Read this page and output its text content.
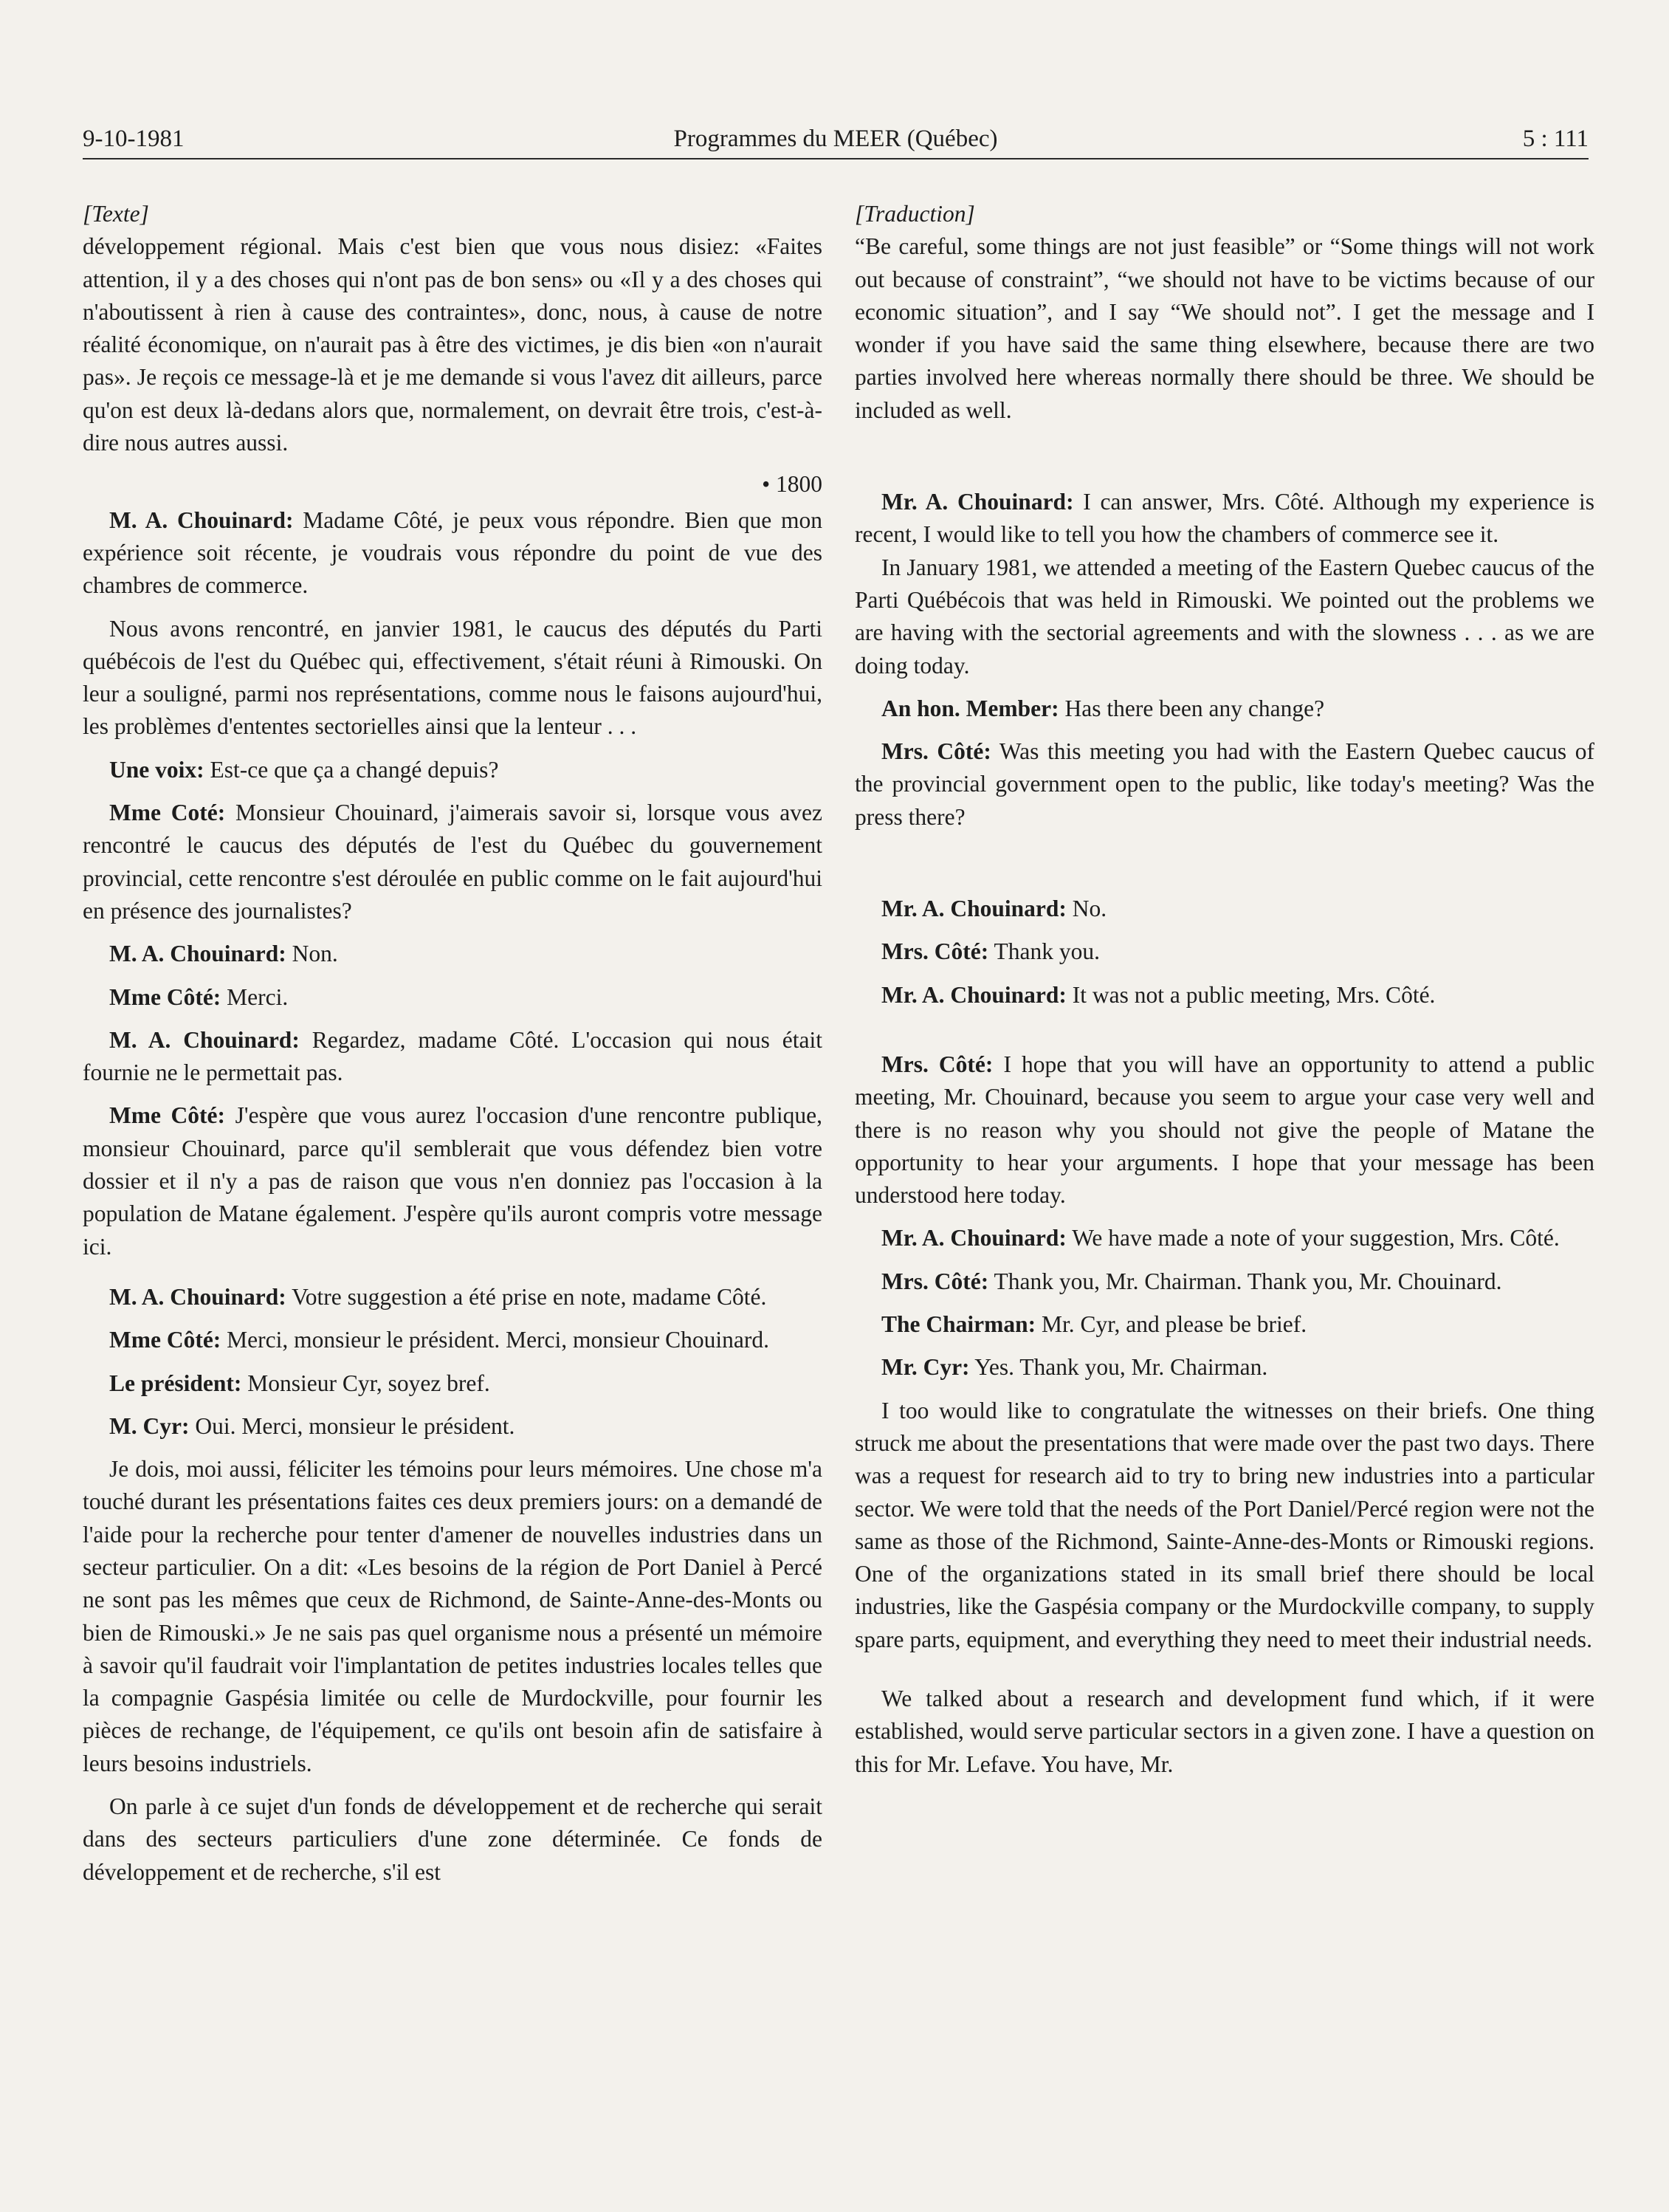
9-10-1981	Programmes du MEER (Québec)	5 : 111

[Texte]

développement régional. Mais c'est bien que vous nous disiez: «Faites attention, il y a des choses qui n'ont pas de bon sens» ou «Il y a des choses qui n'aboutissent à rien à cause des contraintes», donc, nous, à cause de notre réalité économique, on n'aurait pas à être des victimes, je dis bien «on n'aurait pas». Je reçois ce message-là et je me demande si vous l'avez dit ailleurs, parce qu'on est deux là-dedans alors que, normalement, on devrait être trois, c'est-à-dire nous autres aussi.

• 1800

M. A. Chouinard: Madame Côté, je peux vous répondre. Bien que mon expérience soit récente, je voudrais vous répondre du point de vue des chambres de commerce.

Nous avons rencontré, en janvier 1981, le caucus des députés du Parti québécois de l'est du Québec qui, effectivement, s'était réuni à Rimouski. On leur a souligné, parmi nos représentations, comme nous le faisons aujourd'hui, les problèmes d'ententes sectorielles ainsi que la lenteur . . .

Une voix: Est-ce que ça a changé depuis?

Mme Coté: Monsieur Chouinard, j'aimerais savoir si, lorsque vous avez rencontré le caucus des députés de l'est du Québec du gouvernement provincial, cette rencontre s'est déroulée en public comme on le fait aujourd'hui en présence des journalistes?

M. A. Chouinard: Non.

Mme Côté: Merci.

M. A. Chouinard: Regardez, madame Côté. L'occasion qui nous était fournie ne le permettait pas.

Mme Côté: J'espère que vous aurez l'occasion d'une rencontre publique, monsieur Chouinard, parce qu'il semblerait que vous défendez bien votre dossier et il n'y a pas de raison que vous n'en donniez pas l'occasion à la population de Matane également. J'espère qu'ils auront compris votre message ici.

M. A. Chouinard: Votre suggestion a été prise en note, madame Côté.

Mme Côté: Merci, monsieur le président. Merci, monsieur Chouinard.

Le président: Monsieur Cyr, soyez bref.

M. Cyr: Oui. Merci, monsieur le président.

Je dois, moi aussi, féliciter les témoins pour leurs mémoires. Une chose m'a touché durant les présentations faites ces deux premiers jours: on a demandé de l'aide pour la recherche pour tenter d'amener de nouvelles industries dans un secteur particulier. On a dit: «Les besoins de la région de Port Daniel à Percé ne sont pas les mêmes que ceux de Richmond, de Sainte-Anne-des-Monts ou bien de Rimouski.» Je ne sais pas quel organisme nous a présenté un mémoire à savoir qu'il faudrait voir l'implantation de petites industries locales telles que la compagnie Gaspésia limitée ou celle de Murdockville, pour fournir les pièces de rechange, de l'équipement, ce qu'ils ont besoin afin de satisfaire à leurs besoins industriels.

On parle à ce sujet d'un fonds de développement et de recherche qui serait dans des secteurs particuliers d'une zone déterminée. Ce fonds de développement et de recherche, s'il est

[Traduction]

“Be careful, some things are not just feasible” or “Some things will not work out because of constraint”, “we should not have to be victims because of our economic situation”, and I say “We should not”. I get the message and I wonder if you have said the same thing elsewhere, because there are two parties involved here whereas normally there should be three. We should be included as well.

Mr. A. Chouinard: I can answer, Mrs. Côté. Although my experience is recent, I would like to tell you how the chambers of commerce see it.

In January 1981, we attended a meeting of the Eastern Quebec caucus of the Parti Québécois that was held in Rimouski. We pointed out the problems we are having with the sectorial agreements and with the slowness . . . as we are doing today.

An hon. Member: Has there been any change?

Mrs. Côté: Was this meeting you had with the Eastern Quebec caucus of the provincial government open to the public, like today's meeting? Was the press there?

Mr. A. Chouinard: No.

Mrs. Côté: Thank you.

Mr. A. Chouinard: It was not a public meeting, Mrs. Côté.

Mrs. Côté: I hope that you will have an opportunity to attend a public meeting, Mr. Chouinard, because you seem to argue your case very well and there is no reason why you should not give the people of Matane the opportunity to hear your arguments. I hope that your message has been understood here today.

Mr. A. Chouinard: We have made a note of your suggestion, Mrs. Côté.

Mrs. Côté: Thank you, Mr. Chairman. Thank you, Mr. Chouinard.

The Chairman: Mr. Cyr, and please be brief.

Mr. Cyr: Yes. Thank you, Mr. Chairman.

I too would like to congratulate the witnesses on their briefs. One thing struck me about the presentations that were made over the past two days. There was a request for research aid to try to bring new industries into a particular sector. We were told that the needs of the Port Daniel/Percé region were not the same as those of the Richmond, Sainte-Anne-des-Monts or Rimouski regions. One of the organizations stated in its small brief there should be local industries, like the Gaspésia company or the Murdockville company, to supply spare parts, equipment, and everything they need to meet their industrial needs.

We talked about a research and development fund which, if it were established, would serve particular sectors in a given zone. I have a question on this for Mr. Lefave. You have, Mr.
